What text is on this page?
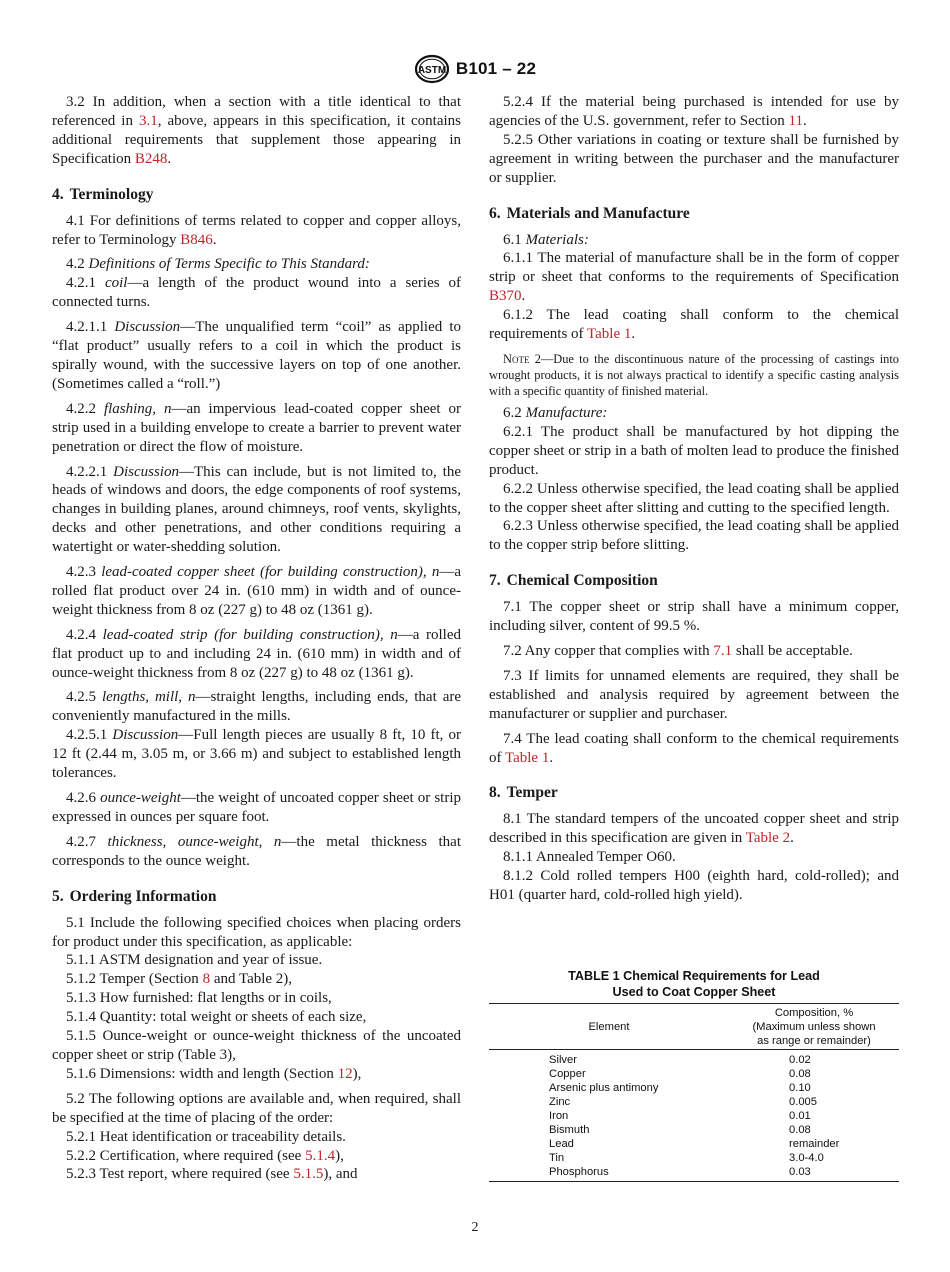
ASTM B101 – 22

3.2 In addition, when a section with a title identical to that referenced in 3.1, above, appears in this specification, it contains additional requirements that supplement those appearing in Specification B248.

4. Terminology

4.1 For definitions of terms related to copper and copper alloys, refer to Terminology B846.

4.2 Definitions of Terms Specific to This Standard:

4.2.1 coil—a length of the product wound into a series of connected turns.

4.2.1.1 Discussion—The unqualified term “coil” as applied to “flat product” usually refers to a coil in which the product is spirally wound, with the successive layers on top of one another. (Sometimes called a “roll.”)

4.2.2 flashing, n—an impervious lead-coated copper sheet or strip used in a building envelope to create a barrier to prevent water penetration or direct the flow of moisture.

4.2.2.1 Discussion—This can include, but is not limited to, the heads of windows and doors, the edge components of roof systems, changes in building planes, around chimneys, roof vents, skylights, decks and other penetrations, and other conditions requiring a watertight or water-shedding solution.

4.2.3 lead-coated copper sheet (for building construction), n—a rolled flat product over 24 in. (610 mm) in width and of ounce-weight thickness from 8 oz (227 g) to 48 oz (1361 g).

4.2.4 lead-coated strip (for building construction), n—a rolled flat product up to and including 24 in. (610 mm) in width and of ounce-weight thickness from 8 oz (227 g) to 48 oz (1361 g).

4.2.5 lengths, mill, n—straight lengths, including ends, that are conveniently manufactured in the mills.

4.2.5.1 Discussion—Full length pieces are usually 8 ft, 10 ft, or 12 ft (2.44 m, 3.05 m, or 3.66 m) and subject to established length tolerances.

4.2.6 ounce-weight—the weight of uncoated copper sheet or strip expressed in ounces per square foot.

4.2.7 thickness, ounce-weight, n—the metal thickness that corresponds to the ounce weight.

5. Ordering Information

5.1 Include the following specified choices when placing orders for product under this specification, as applicable:

5.1.1 ASTM designation and year of issue.

5.1.2 Temper (Section 8 and Table 2),

5.1.3 How furnished: flat lengths or in coils,

5.1.4 Quantity: total weight or sheets of each size,

5.1.5 Ounce-weight or ounce-weight thickness of the uncoated copper sheet or strip (Table 3),

5.1.6 Dimensions: width and length (Section 12),

5.2 The following options are available and, when required, shall be specified at the time of placing of the order:

5.2.1 Heat identification or traceability details.

5.2.2 Certification, where required (see 5.1.4),

5.2.3 Test report, where required (see 5.1.5), and

5.2.4 If the material being purchased is intended for use by agencies of the U.S. government, refer to Section 11.

5.2.5 Other variations in coating or texture shall be furnished by agreement in writing between the purchaser and the manufacturer or supplier.

6. Materials and Manufacture

6.1 Materials:

6.1.1 The material of manufacture shall be in the form of copper strip or sheet that conforms to the requirements of Specification B370.

6.1.2 The lead coating shall conform to the chemical requirements of Table 1.

Note 2—Due to the discontinuous nature of the processing of castings into wrought products, it is not always practical to identify a specific casting analysis with a specific quantity of finished material.

6.2 Manufacture:

6.2.1 The product shall be manufactured by hot dipping the copper sheet or strip in a bath of molten lead to produce the finished product.

6.2.2 Unless otherwise specified, the lead coating shall be applied to the copper sheet after slitting and cutting to the specified length.

6.2.3 Unless otherwise specified, the lead coating shall be applied to the copper strip before slitting.

7. Chemical Composition

7.1 The copper sheet or strip shall have a minimum copper, including silver, content of 99.5 %.

7.2 Any copper that complies with 7.1 shall be acceptable.

7.3 If limits for unnamed elements are required, they shall be established and analysis required by agreement between the manufacturer or supplier and purchaser.

7.4 The lead coating shall conform to the chemical requirements of Table 1.

8. Temper

8.1 The standard tempers of the uncoated copper sheet and strip described in this specification are given in Table 2.

8.1.1 Annealed Temper O60.

8.1.2 Cold rolled tempers H00 (eighth hard, cold-rolled); and H01 (quarter hard, cold-rolled high yield).

TABLE 1 Chemical Requirements for Lead
Used to Coat Copper Sheet
Element
Composition, %
(Maximum unless shown
as range or remainder)
Silver	0.02
Copper	0.08
Arsenic plus antimony	0.10
Zinc	0.005
Iron	0.01
Bismuth	0.08
Lead	remainder
Tin	3.0-4.0
Phosphorus	0.03
2
